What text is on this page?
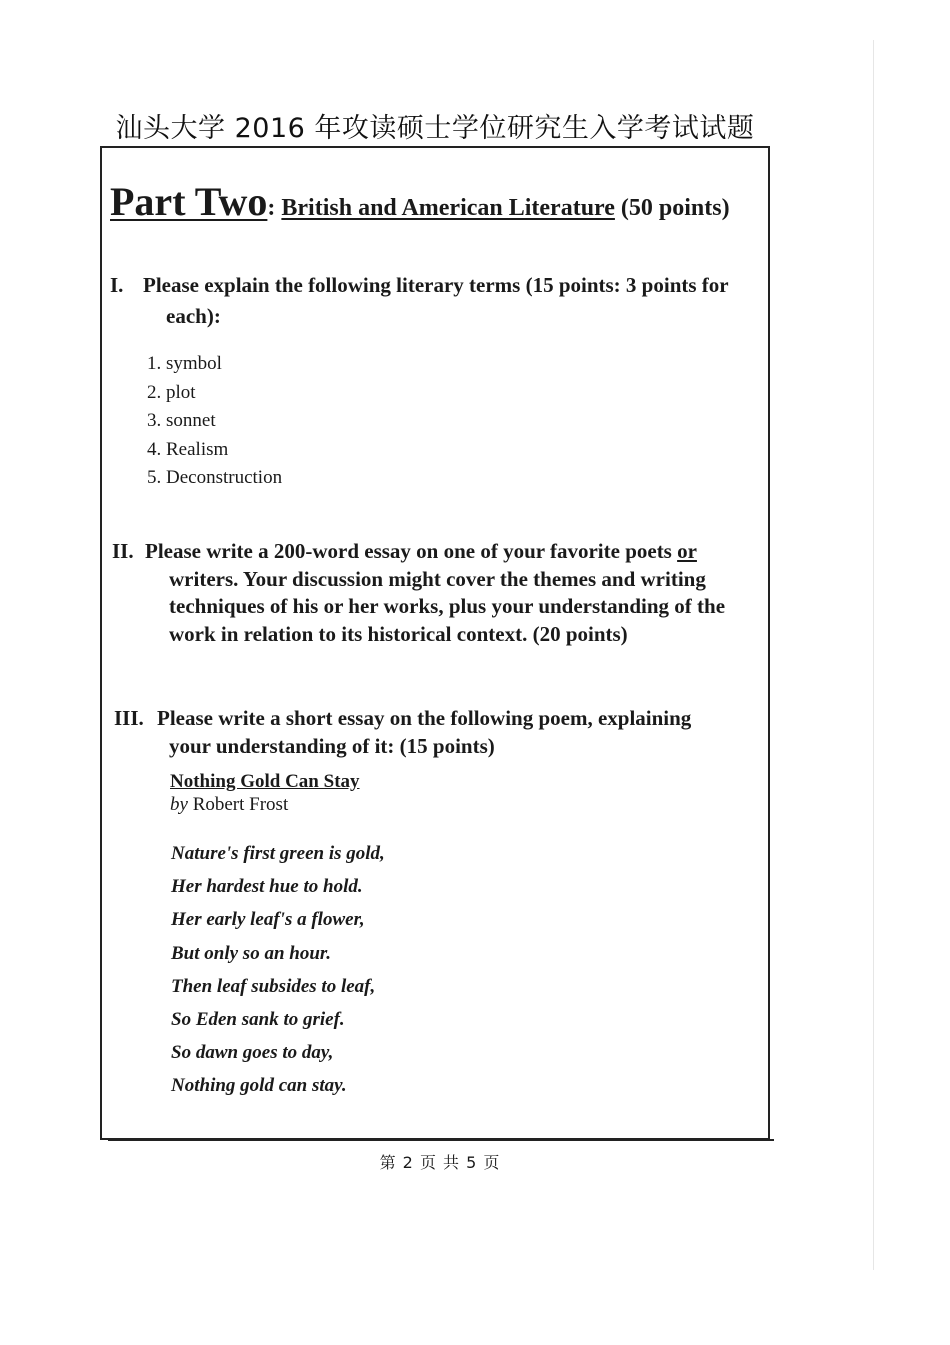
汕头大学 2016 年攻读硕士学位研究生入学考试试题
Part Two: British and American Literature (50 points)
I. Please explain the following literary terms (15 points: 3 points for
each):
1. symbol
2. plot
3. sonnet
4. Realism
5. Deconstruction
II. Please write a 200-word essay on one of your favorite poets or
writers. Your discussion might cover the themes and writing
techniques of his or her works, plus your understanding of the
work in relation to its historical context. (20 points)
III. Please write a short essay on the following poem, explaining
your understanding of it: (15 points)
Nothing Gold Can Stay
by Robert Frost
Nature's first green is gold,
Her hardest hue to hold.
Her early leaf's a flower,
But only so an hour.
Then leaf subsides to leaf,
So Eden sank to grief.
So dawn goes to day,
Nothing gold can stay.
第 2 页 共 5 页
